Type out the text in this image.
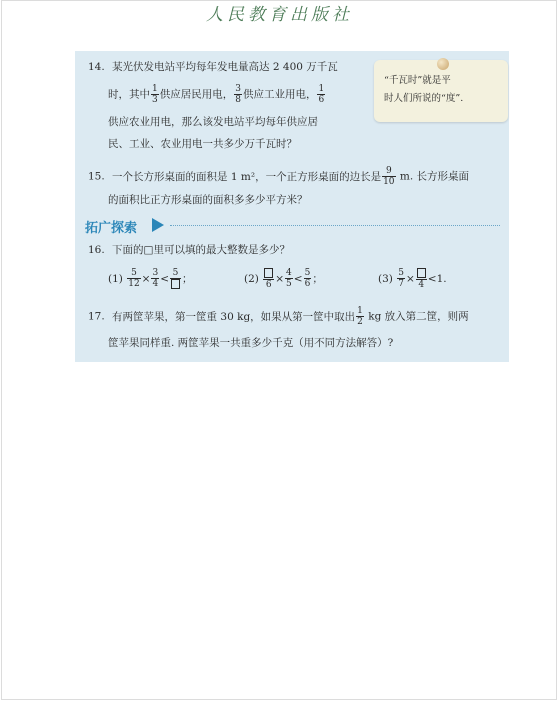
人民教育出版社
“千瓦时”就是平
时人们所说的“度”.
14. 某光伏发电站平均每年发电量高达 2 400 万千瓦
时，其中 $\frac{1}{3}$ 供应居民用电， $\frac{3}{8}$ 供应工业用电， $\frac{1}{6}$
供应农业用电，那么该发电站平均每年供应居
民、工业、农业用电一共多少万千瓦时？
15. 一个长方形桌面的面积是 1 m²，一个正方形桌面的边长是 $\frac{9}{10} m$. 长方形桌面
的面积比正方形桌面的面积多多少平方米？
拓广探索
16. 下面的□里可以填的最大整数是多少？
$(1) \frac{5}{12} \times \frac{3}{4} < 5$ ；	(2) $6 \times \frac{4}{5} < \frac{5}{6}$ ；	$(3) \frac{5}{7} \times 4 <1$.
17. 有两筐苹果，第一筐重 30 kg，如果从第一筐中取出 $\frac{1}{2}$ kg 放入第二筐，则两
筐苹果同样重. 两筐苹果一共重多少千克（用不同方法解答）?
